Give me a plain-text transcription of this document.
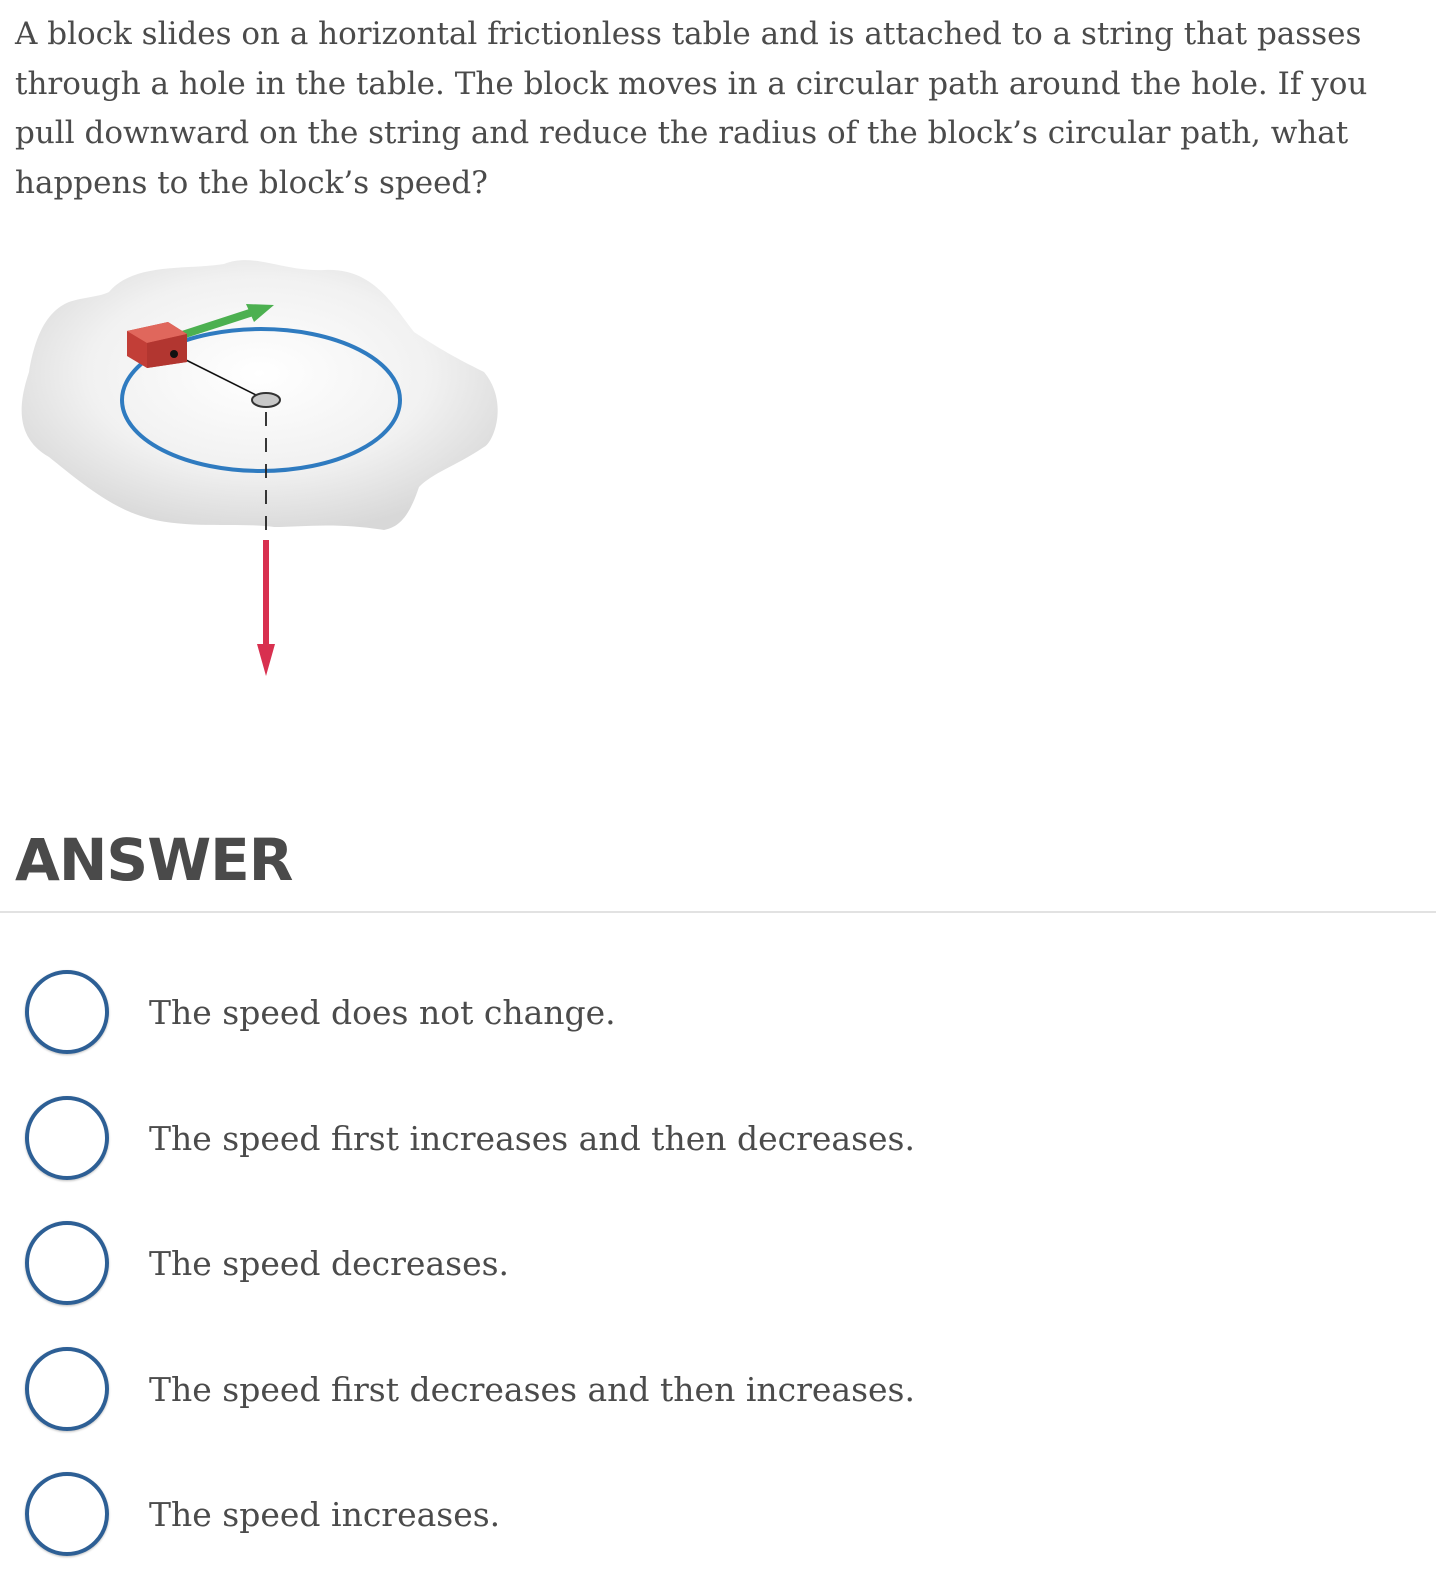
A block slides on a horizontal frictionless table and is attached to a string that passes through a hole in the table. The block moves in a circular path around the hole. If you pull downward on the string and reduce the radius of the block’s circular path, what happens to the block’s speed?

ANSWER
The speed does not change.
The speed first increases and then decreases.
The speed decreases.
The speed first decreases and then increases.
The speed increases.
